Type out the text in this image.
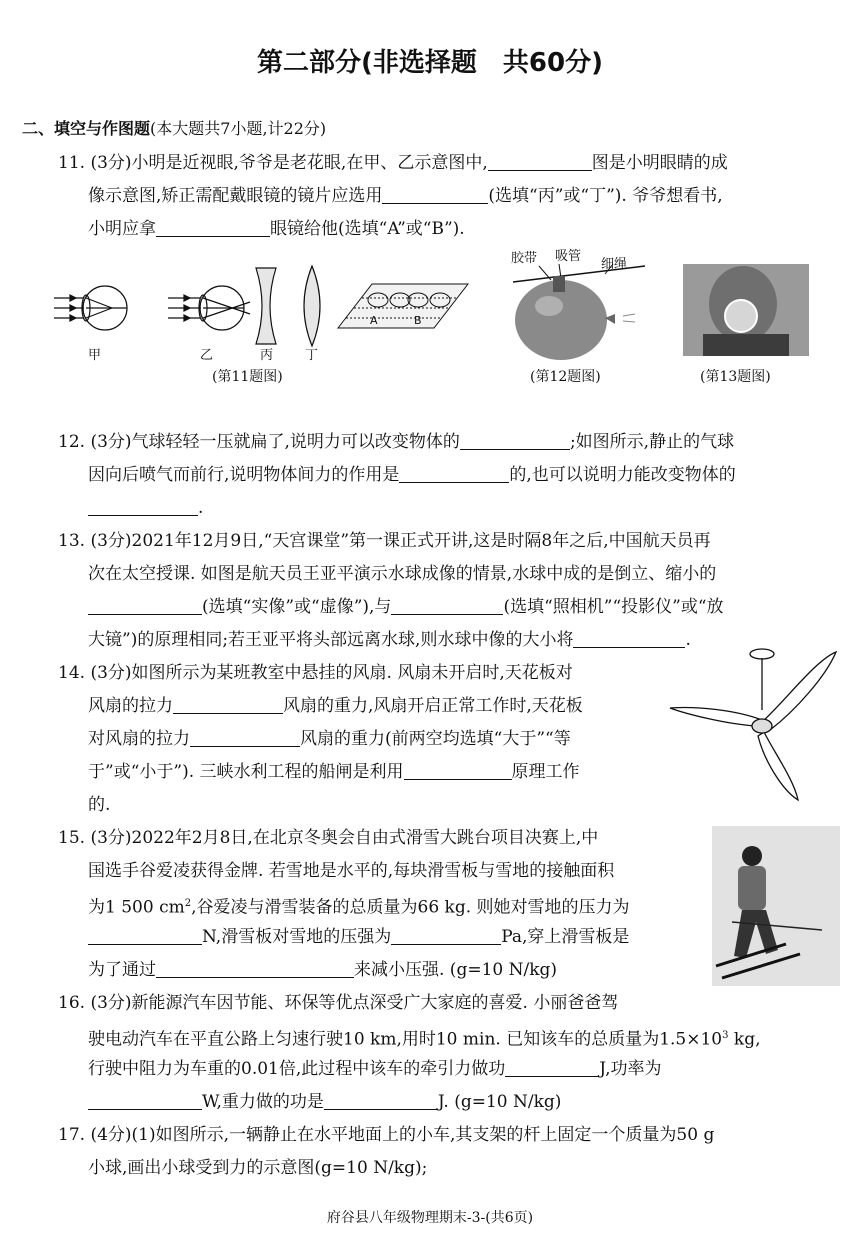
第二部分(非选择题　共60分)
二、填空与作图题(本大题共7小题,计22分)
11. (3分)小明是近视眼,爷爷是老花眼,在甲、乙示意图中,	图是小明眼睛的成
像示意图,矫正需配戴眼镜的镜片应选用	(选填“丙”或“丁”). 爷爷想看书,
小明应拿	眼镜给他(选填“A”或“B”).
A	B
甲	乙	丙 丁
(第11题图)
胶带 吸管
细绳
(第12题图)	(第13题图)
12. (3分)气球轻轻一压就扁了,说明力可以改变物体的	;如图所示,静止的气球
因向后喷气而前行,说明物体间力的作用是	的,也可以说明力能改变物体的
.
13. (3分)2021年12月9日,“天宫课堂”第一课正式开讲,这是时隔8年之后,中国航天员再
次在太空授课. 如图是航天员王亚平演示水球成像的情景,水球中成的是倒立、缩小的
(选填“实像”或“虚像”),与	(选填“照相机”“投影仪”或“放
大镜”)的原理相同;若王亚平将头部远离水球,则水球中像的大小将	.
14. (3分)如图所示为某班教室中悬挂的风扇. 风扇未开启时,天花板对
风扇的拉力	风扇的重力,风扇开启正常工作时,天花板
对风扇的拉力	风扇的重力(前两空均选填“大于”“等
于”或“小于”). 三峡水利工程的船闸是利用	原理工作
的.
15. (3分)2022年2月8日,在北京冬奥会自由式滑雪大跳台项目决赛上,中
国选手谷爱凌获得金牌. 若雪地是水平的,每块滑雪板与雪地的接触面积
为1 500 $cm^2$,谷爱凌与滑雪装备的总质量为66 kg. 则她对雪地的压力为
N,滑雪板对雪地的压强为	Pa,穿上滑雪板是
为了通过	来减小压强. (g=10 N/kg)
16. (3分)新能源汽车因节能、环保等优点深受广大家庭的喜爱. 小丽爸爸驾
驶电动汽车在平直公路上匀速行驶10 km,用时10 min. 已知该车的总质量为$1.5\times 10^3$ kg,
行驶中阻力为车重的0.01倍,此过程中该车的牵引力做功	J,功率为
W,重力做的功是	J. (g=10 N/kg)
17. (4分)(1)如图所示,一辆静止在水平地面上的小车,其支架的杆上固定一个质量为50 g
小球,画出小球受到力的示意图(g=10 N/kg);
府谷县八年级物理期末-3-(共6页)
